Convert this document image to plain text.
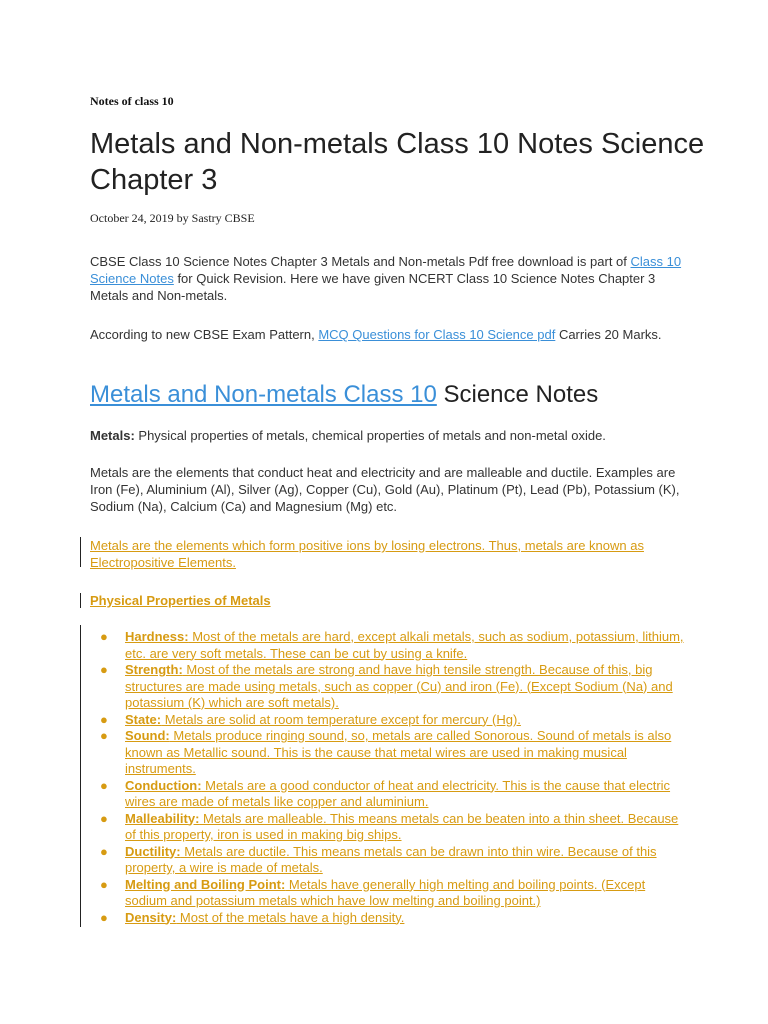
Notes of class 10
Metals and Non-metals Class 10 Notes Science Chapter 3
October 24, 2019 by Sastry CBSE

CBSE Class 10 Science Notes Chapter 3 Metals and Non-metals Pdf free download is part of Class 10 Science Notes for Quick Revision. Here we have given NCERT Class 10 Science Notes Chapter 3 Metals and Non-metals.

According to new CBSE Exam Pattern, MCQ Questions for Class 10 Science pdf Carries 20 Marks.

Metals and Non-metals Class 10 Science Notes

Metals: Physical properties of metals, chemical properties of metals and non-metal oxide.

Metals are the elements that conduct heat and electricity and are malleable and ductile. Examples are Iron (Fe), Aluminium (Al), Silver (Ag), Copper (Cu), Gold (Au), Platinum (Pt), Lead (Pb), Potassium (K), Sodium (Na), Calcium (Ca) and Magnesium (Mg) etc.

Metals are the elements which form positive ions by losing electrons. Thus, metals are known as Electropositive Elements.

Physical Properties of Metals

● Hardness: Most of the metals are hard, except alkali metals, such as sodium, potassium, lithium, etc. are very soft metals. These can be cut by using a knife.
● Strength: Most of the metals are strong and have high tensile strength. Because of this, big structures are made using metals, such as copper (Cu) and iron (Fe). (Except Sodium (Na) and potassium (K) which are soft metals).
● State: Metals are solid at room temperature except for mercury (Hg).
● Sound: Metals produce ringing sound, so, metals are called Sonorous. Sound of metals is also known as Metallic sound. This is the cause that metal wires are used in making musical instruments.
● Conduction: Metals are a good conductor of heat and electricity. This is the cause that electric wires are made of metals like copper and aluminium.
● Malleability: Metals are malleable. This means metals can be beaten into a thin sheet. Because of this property, iron is used in making big ships.
● Ductility: Metals are ductile. This means metals can be drawn into thin wire. Because of this property, a wire is made of metals.
● Melting and Boiling Point: Metals have generally high melting and boiling points. (Except sodium and potassium metals which have low melting and boiling point.)
● Density: Most of the metals have a high density.
